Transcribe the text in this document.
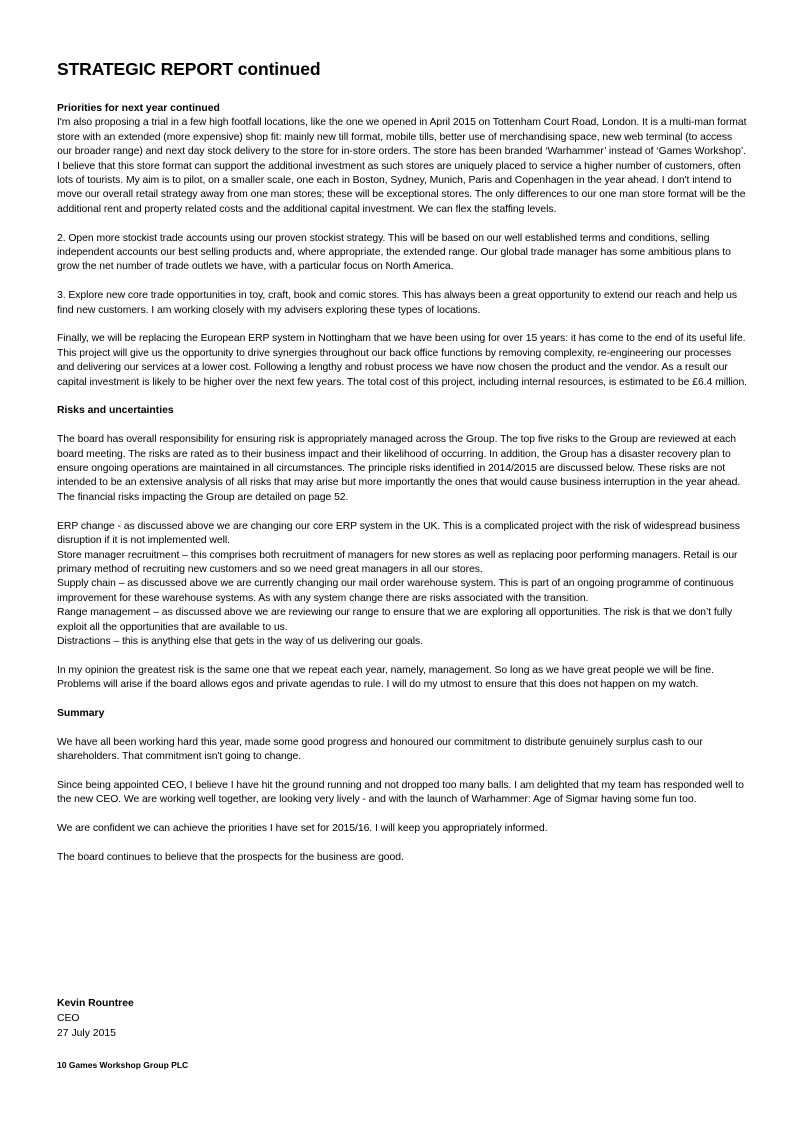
STRATEGIC REPORT continued

Priorities for next year continued

I'm also proposing a trial in a few high footfall locations, like the one we opened in April 2015 on Tottenham Court Road, London. It is a multi-man format store with an extended (more expensive) shop fit: mainly new till format, mobile tills, better use of merchandising space, new web terminal (to access our broader range) and next day stock delivery to the store for in-store orders. The store has been branded ‘Warhammer’ instead of ‘Games Workshop’. I believe that this store format can support the additional investment as such stores are uniquely placed to service a higher number of customers, often lots of tourists. My aim is to pilot, on a smaller scale, one each in Boston, Sydney, Munich, Paris and Copenhagen in the year ahead. I don't intend to move our overall retail strategy away from one man stores; these will be exceptional stores. The only differences to our one man store format will be the additional rent and property related costs and the additional capital investment. We can flex the staffing levels.

2. Open more stockist trade accounts using our proven stockist strategy. This will be based on our well established terms and conditions, selling independent accounts our best selling products and, where appropriate, the extended range. Our global trade manager has some ambitious plans to grow the net number of trade outlets we have, with a particular focus on North America.

3. Explore new core trade opportunities in toy, craft, book and comic stores. This has always been a great opportunity to extend our reach and help us find new customers. I am working closely with my advisers exploring these types of locations.

Finally, we will be replacing the European ERP system in Nottingham that we have been using for over 15 years: it has come to the end of its useful life. This project will give us the opportunity to drive synergies throughout our back office functions by removing complexity, re-engineering our processes and delivering our services at a lower cost. Following a lengthy and robust process we have now chosen the product and the vendor. As a result our capital investment is likely to be higher over the next few years. The total cost of this project, including internal resources, is estimated to be £6.4 million.

Risks and uncertainties

The board has overall responsibility for ensuring risk is appropriately managed across the Group. The top five risks to the Group are reviewed at each board meeting. The risks are rated as to their business impact and their likelihood of occurring. In addition, the Group has a disaster recovery plan to ensure ongoing operations are maintained in all circumstances. The principle risks identified in 2014/2015 are discussed below. These risks are not intended to be an extensive analysis of all risks that may arise but more importantly the ones that would cause business interruption in the year ahead. The financial risks impacting the Group are detailed on page 52.

ERP change - as discussed above we are changing our core ERP system in the UK. This is a complicated project with the risk of widespread business disruption if it is not implemented well.

Store manager recruitment – this comprises both recruitment of managers for new stores as well as replacing poor performing managers. Retail is our primary method of recruiting new customers and so we need great managers in all our stores.

Supply chain – as discussed above we are currently changing our mail order warehouse system. This is part of an ongoing programme of continuous improvement for these warehouse systems. As with any system change there are risks associated with the transition.

Range management – as discussed above we are reviewing our range to ensure that we are exploring all opportunities. The risk is that we don’t fully exploit all the opportunities that are available to us.

Distractions – this is anything else that gets in the way of us delivering our goals.

In my opinion the greatest risk is the same one that we repeat each year, namely, management. So long as we have great people we will be fine. Problems will arise if the board allows egos and private agendas to rule. I will do my utmost to ensure that this does not happen on my watch.

Summary

We have all been working hard this year, made some good progress and honoured our commitment to distribute genuinely surplus cash to our shareholders. That commitment isn't going to change.

Since being appointed CEO, I believe I have hit the ground running and not dropped too many balls. I am delighted that my team has responded well to the new CEO. We are working well together, are looking very lively - and with the launch of Warhammer: Age of Sigmar having some fun too.

We are confident we can achieve the priorities I have set for 2015/16. I will keep you appropriately informed.

The board continues to believe that the prospects for the business are good.

Kevin Rountree
CEO
27 July 2015
10 Games Workshop Group PLC
